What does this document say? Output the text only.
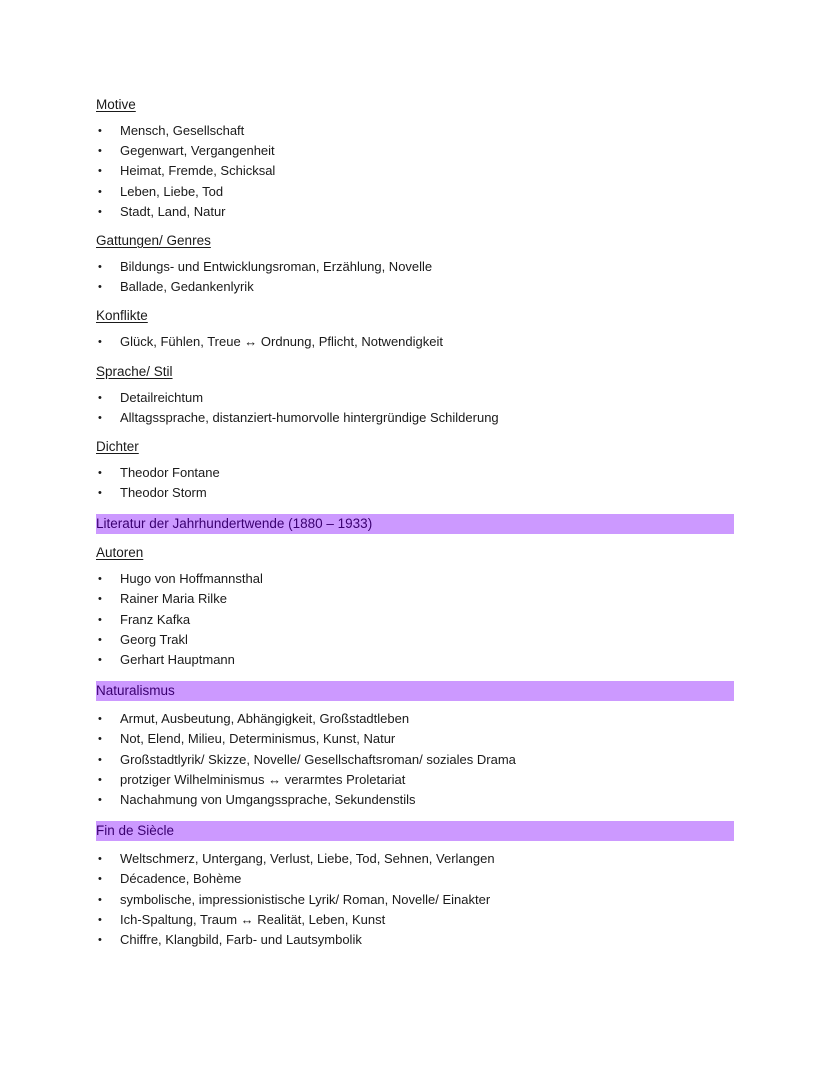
Motive
• Mensch, Gesellschaft
• Gegenwart, Vergangenheit
• Heimat, Fremde, Schicksal
• Leben, Liebe, Tod
• Stadt, Land, Natur
Gattungen/ Genres
• Bildungs- und Entwicklungsroman, Erzählung, Novelle
• Ballade, Gedankenlyrik
Konflikte
• Glück, Fühlen, Treue ↔ Ordnung, Pflicht, Notwendigkeit
Sprache/ Stil
• Detailreichtum
• Alltagssprache, distanziert-humorvolle hintergründige Schilderung
Dichter
• Theodor Fontane
• Theodor Storm
Literatur der Jahrhundertwende (1880 – 1933)
Autoren
• Hugo von Hoffmannsthal
• Rainer Maria Rilke
• Franz Kafka
• Georg Trakl
• Gerhart Hauptmann
Naturalismus
• Armut, Ausbeutung, Abhängigkeit, Großstadtleben
• Not, Elend, Milieu, Determinismus, Kunst, Natur
• Großstadtlyrik/ Skizze, Novelle/ Gesellschaftsroman/ soziales Drama
• protziger Wilhelminismus ↔ verarmtes Proletariat
• Nachahmung von Umgangssprache, Sekundenstils
Fin de Siècle
• Weltschmerz, Untergang, Verlust, Liebe, Tod, Sehnen, Verlangen
• Décadence, Bohème
• symbolische, impressionistische Lyrik/ Roman, Novelle/ Einakter
• Ich-Spaltung, Traum ↔ Realität, Leben, Kunst
• Chiffre, Klangbild, Farb- und Lautsymbolik
